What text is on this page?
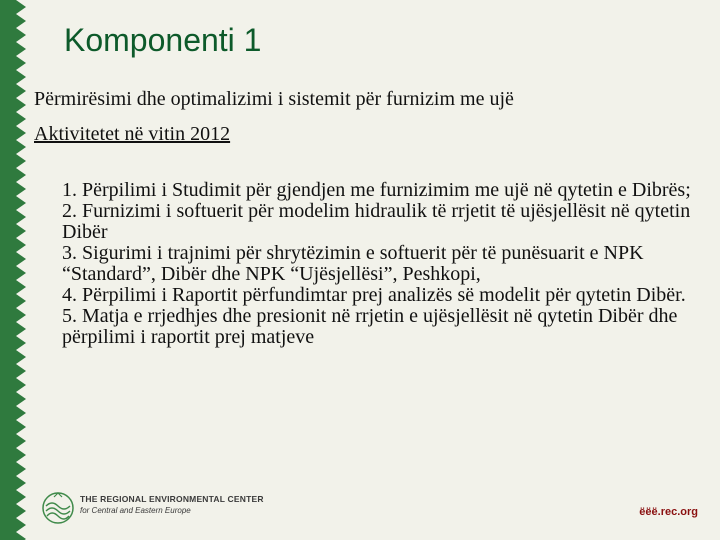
Komponenti 1

Përmirësimi dhe optimalizimi i sistemit për furnizim me ujë

Aktivitetet në vitin 2012

1. Përpilimi i Studimit për gjendjen me furnizimim me ujë në qytetin e Dibrës;
2. Furnizimi i softuerit për modelim hidraulik të rrjetit të ujësjellësit në qytetin Dibër
3. Sigurimi i trajnimi për shrytëzimin e softuerit për të punësuarit e NPK “Standard”, Dibër dhe NPK “Ujësjellësi”, Peshkopi,
4. Përpilimi i Raportit përfundimtar prej analizës së modelit për qytetin Dibër.
5. Matja e rrjedhjes dhe presionit në rrjetin e ujësjellësit në qytetin Dibër dhe përpilimi i raportit prej matjeve
THE REGIONAL ENVIRONMENTAL CENTER
for Central and Eastern Europe	ëëë.rec.org
